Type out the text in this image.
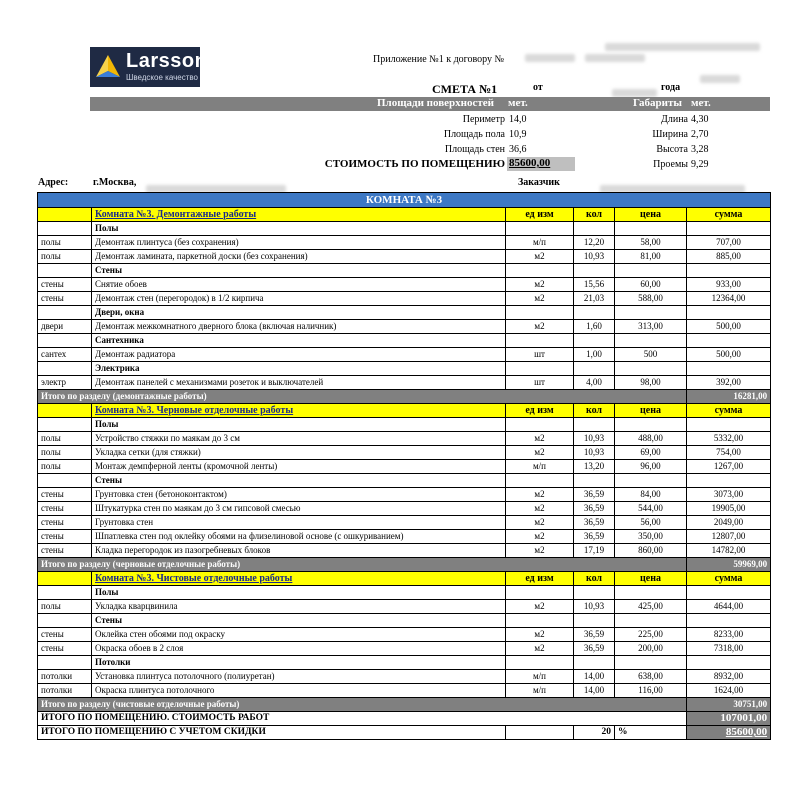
Larsson
Шведское качество
Приложение №1 к договору №
СМЕТА №1	от	года
Площади поверхностей мет.	Габариты мет.
Периметр 14,0	Длина 4,30
Площадь пола 10,9	Ширина 2,70
Площадь стен 36,6	Высота 3,28
СТОИМОСТЬ ПО ПОМЕЩЕНИЮ 85600,00	Проемы 9,29
Адрес: г.Москва,	Заказчик
КОМНАТА №3					
	Комната №3. Демонтажные работы	ед изм	кол	цена	сумма
	Полы				
полы	Демонтаж плинтуса (без сохранения)	м/п	12,20	58,00	707,00
полы	Демонтаж ламината, паркетной доски (без сохранения)	м2	10,93	81,00	885,00
	Стены				
стены	Снятие обоев	м2	15,56	60,00	933,00
стены	Демонтаж стен (перегородок) в 1/2 кирпича	м2	21,03	588,00	12364,00
	Двери, окна				
двери	Демонтаж межкомнатного дверного блока (включая наличник)	м2	1,60	313,00	500,00
	Сантехника				
сантех	Демонтаж радиатора	шт	1,00	500	500,00
	Электрика				
электр	Демонтаж панелей с механизмами розеток и выключателей	шт	4,00	98,00	392,00
Итого по разделу (демонтажные работы)					16281,00
	Комната №3. Черновые отделочные работы	ед изм	кол	цена	сумма
	Полы				
полы	Устройство стяжки по маякам до 3 см	м2	10,93	488,00	5332,00
полы	Укладка сетки (для стяжки)	м2	10,93	69,00	754,00
полы	Монтаж демпферной ленты (кромочной ленты)	м/п	13,20	96,00	1267,00
	Стены				
стены	Грунтовка стен (бетоноконтактом)	м2	36,59	84,00	3073,00
стены	Штукатурка стен по маякам до 3 см гипсовой смесью	м2	36,59	544,00	19905,00
стены	Грунтовка стен	м2	36,59	56,00	2049,00
стены	Шпатлевка стен под оклейку обоями на флизелиновой основе (с ошкуриванием)	м2	36,59	350,00	12807,00
стены	Кладка перегородок из пазогребневых блоков	м2	17,19	860,00	14782,00
Итого по разделу (черновые отделочные работы)					59969,00
	Комната №3. Чистовые отделочные работы	ед изм	кол	цена	сумма
	Полы				
полы	Укладка кварцвинила	м2	10,93	425,00	4644,00
	Стены				
стены	Оклейка стен обоями под окраску	м2	36,59	225,00	8233,00
стены	Окраска обоев в 2 слоя	м2	36,59	200,00	7318,00
	Потолки				
потолки	Установка плинтуса потолочного (полиуретан)	м/п	14,00	638,00	8932,00
потолки	Окраска плинтуса потолочного	м/п	14,00	116,00	1624,00
Итого по разделу (чистовые отделочные работы)					30751,00
ИТОГО ПО ПОМЕЩЕНИЮ. СТОИМОСТЬ РАБОТ					107001,00
ИТОГО ПО ПОМЕЩЕНИЮ С УЧЕТОМ СКИДКИ			20	%	85600,00
